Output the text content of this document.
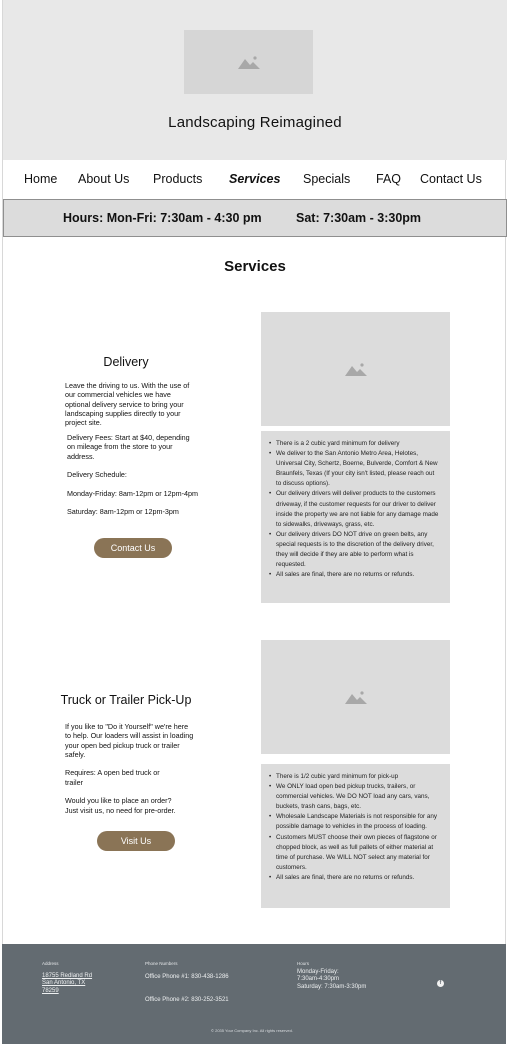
Landscaping Reimagined
Home About Us Products Services Specials FAQ Contact Us
Hours: Mon-Fri: 7:30am - 4:30 pm	Sat: 7:30am - 3:30pm
Services
Delivery
Leave the driving to us. With the use of
our commercial vehicles we have
optional delivery service to bring your
landscaping supplies directly to your
project site.
Delivery Fees: Start at $40, depending
on mileage from the store to your
address.

Delivery Schedule:

Monday-Friday: 8am-12pm or 12pm-4pm

Saturday: 8am-12pm or 12pm-3pm
Contact Us
• There is a 2 cubic yard minimum for delivery
• We deliver to the San Antonio Metro Area, Helotes, Universal City, Schertz, Boerne, Bulverde, Comfort & New Braunfels, Texas (If your city isn't listed, please reach out to discuss options).
• Our delivery drivers will deliver products to the customers driveway, if the customer requests for our driver to deliver inside the property we are not liable for any damage made to sidewalks, driveways, grass, etc.
• Our delivery drivers DO NOT drive on green belts, any special requests is to the discretion of the delivery driver, they will decide if they are able to perform what is requested.
• All sales are final, there are no returns or refunds.
Truck or Trailer Pick-Up
If you like to "Do it Yourself" we're here
to help. Our loaders will assist in loading
your open bed pickup truck or trailer
safely.

Requires: A open bed truck or
trailer

Would you like to place an order?
Just visit us, no need for pre-order.
Visit Us
• There is 1/2 cubic yard minimum for pick-up
• We ONLY load open bed pickup trucks, trailers, or commercial vehicles. We DO NOT load any cars, vans, buckets, trash cans, bags, etc.
• Wholesale Landscape Materials is not responsible for any possible damage to vehicles in the process of loading.
• Customers MUST choose their own pieces of flagstone or chopped block, as well as full pallets of either material at time of purchase. We WILL NOT select any material for customers.
• All sales are final, there are no returns or refunds.
Address
18755 Redland Rd
San Antonio, TX
78259
Phone Numbers
Office Phone #1: 830-438-1286
Office Phone #2: 830-252-3521
Hours
Monday-Friday:
7:30am-4:30pm
Saturday: 7:30am-3:30pm
f
© 2035 Your Company Inc. All rights reserved.
